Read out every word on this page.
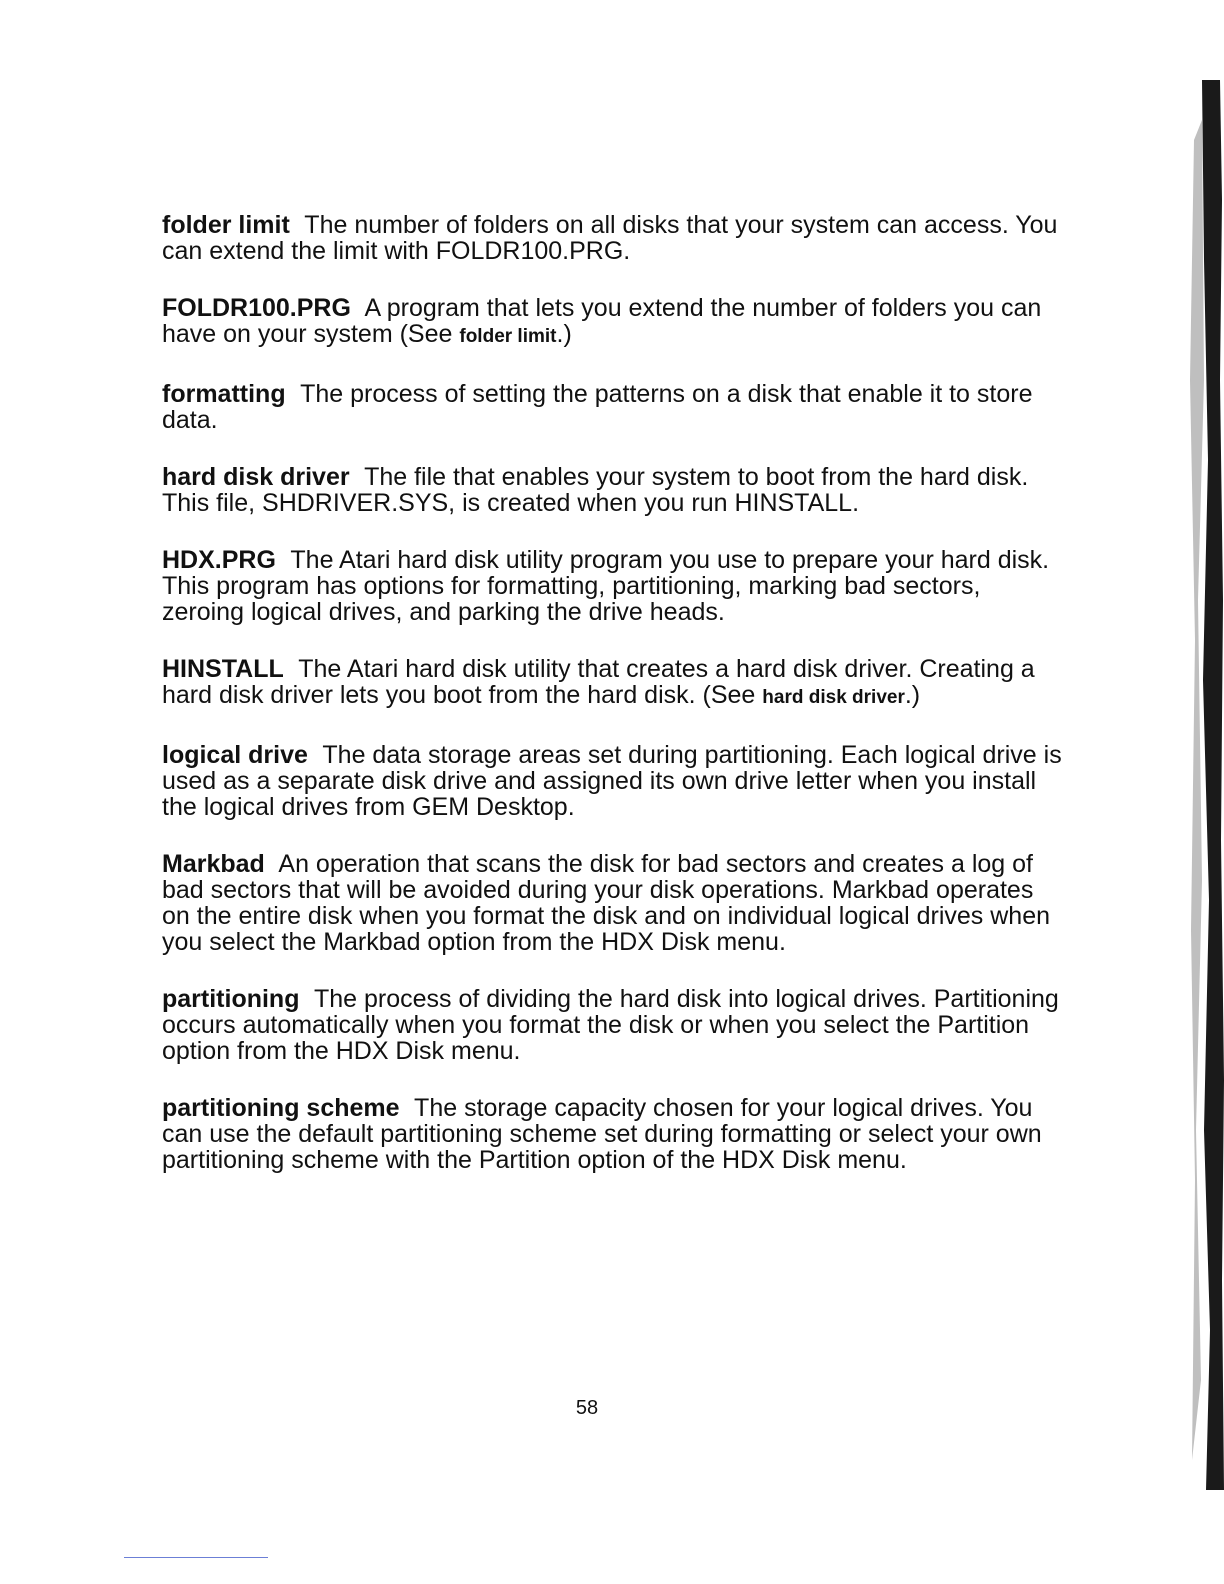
folder limit The number of folders on all disks that your system can access. You can extend the limit with FOLDR100.PRG.

FOLDR100.PRG A program that lets you extend the number of folders you can have on your system (See folder limit.)

formatting The process of setting the patterns on a disk that enable it to store data.

hard disk driver The file that enables your system to boot from the hard disk. This file, SHDRIVER.SYS, is created when you run HINSTALL.

HDX.PRG The Atari hard disk utility program you use to prepare your hard disk. This program has options for formatting, partitioning, marking bad sectors, zeroing logical drives, and parking the drive heads.

HINSTALL The Atari hard disk utility that creates a hard disk driver. Creating a hard disk driver lets you boot from the hard disk. (See hard disk driver.)

logical drive The data storage areas set during partitioning. Each logical drive is used as a separate disk drive and assigned its own drive letter when you install the logical drives from GEM Desktop.

Markbad An operation that scans the disk for bad sectors and creates a log of bad sectors that will be avoided during your disk operations. Markbad operates on the entire disk when you format the disk and on individual logical drives when you select the Markbad option from the HDX Disk menu.

partitioning The process of dividing the hard disk into logical drives. Partitioning occurs automatically when you format the disk or when you select the Partition option from the HDX Disk menu.

partitioning scheme The storage capacity chosen for your logical drives. You can use the default partitioning scheme set during formatting or select your own partitioning scheme with the Partition option of the HDX Disk menu.

58
